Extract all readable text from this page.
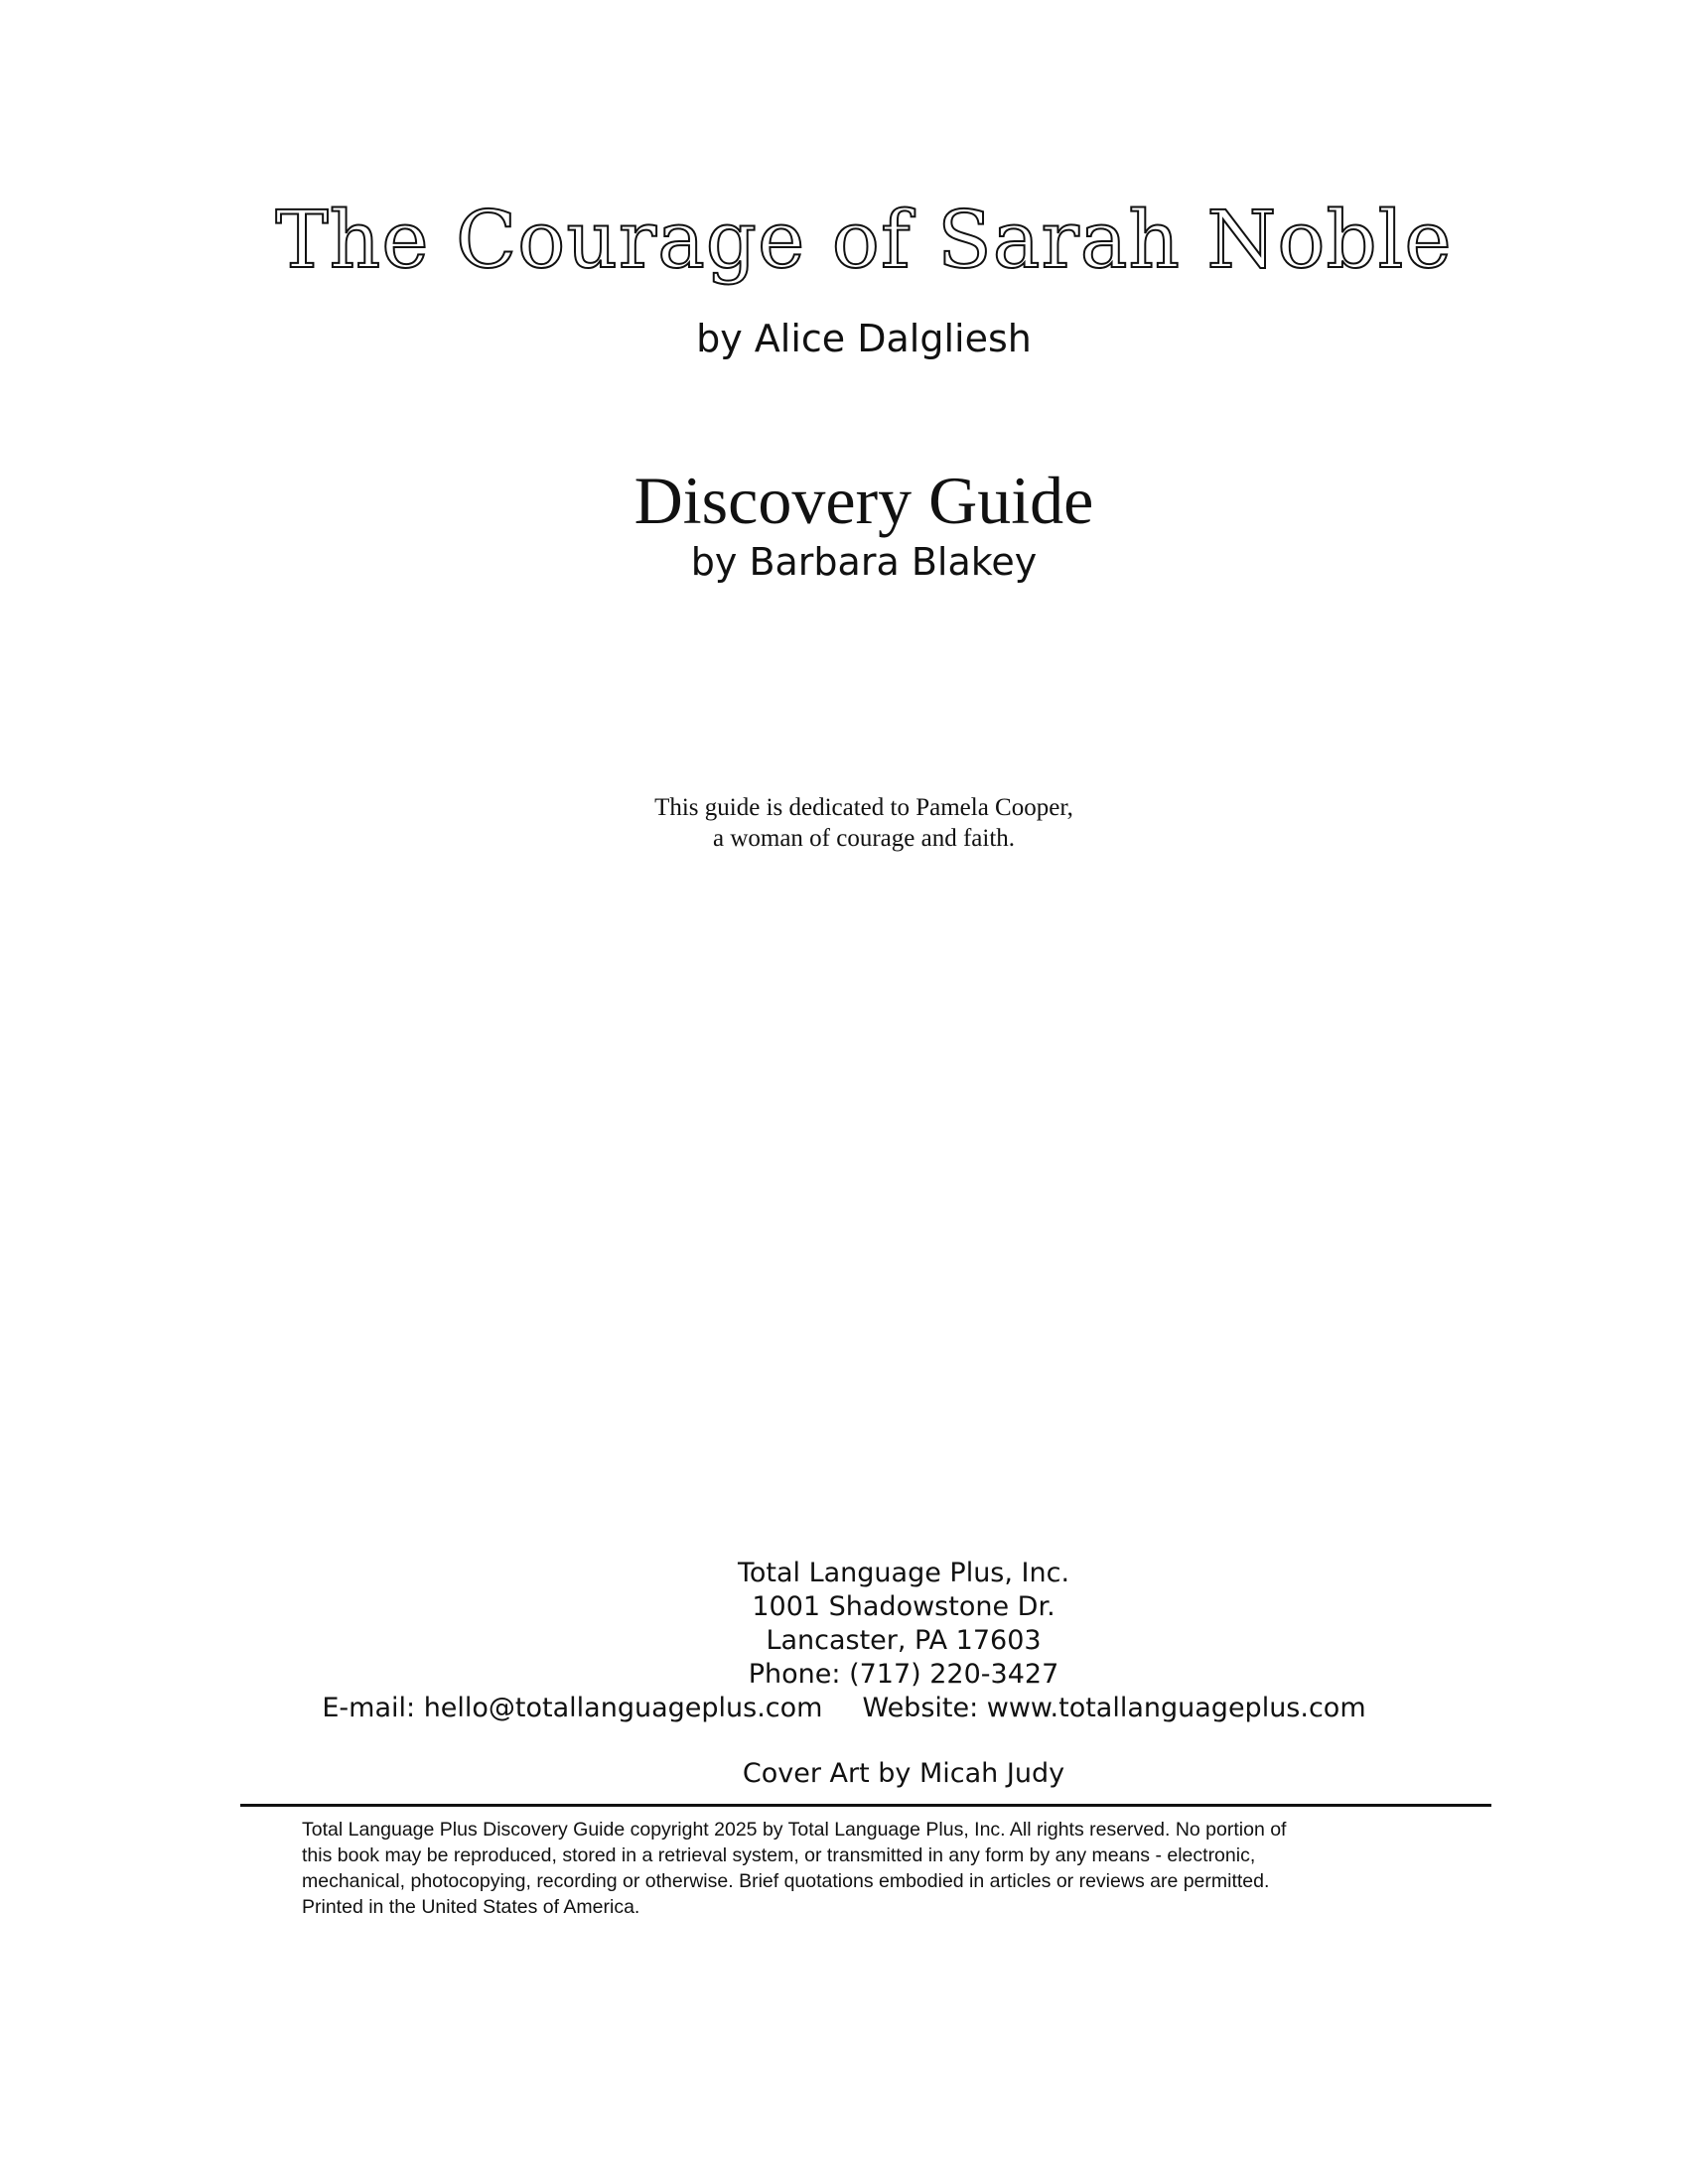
The Courage of Sarah Noble
by Alice Dalgliesh
Discovery Guide
by Barbara Blakey
This guide is dedicated to Pamela Cooper,
a woman of courage and faith.
Total Language Plus, Inc.
1001 Shadowstone Dr.
Lancaster, PA 17603
Phone: (717) 220-3427
E-mail: hello@totallanguageplus.com Website: www.totallanguageplus.com
Cover Art by Micah Judy
Total Language Plus Discovery Guide copyright 2025 by Total Language Plus, Inc. All rights reserved. No portion of
this book may be reproduced, stored in a retrieval system, or transmitted in any form by any means - electronic,
mechanical, photocopying, recording or otherwise. Brief quotations embodied in articles or reviews are permitted.
Printed in the United States of America.
